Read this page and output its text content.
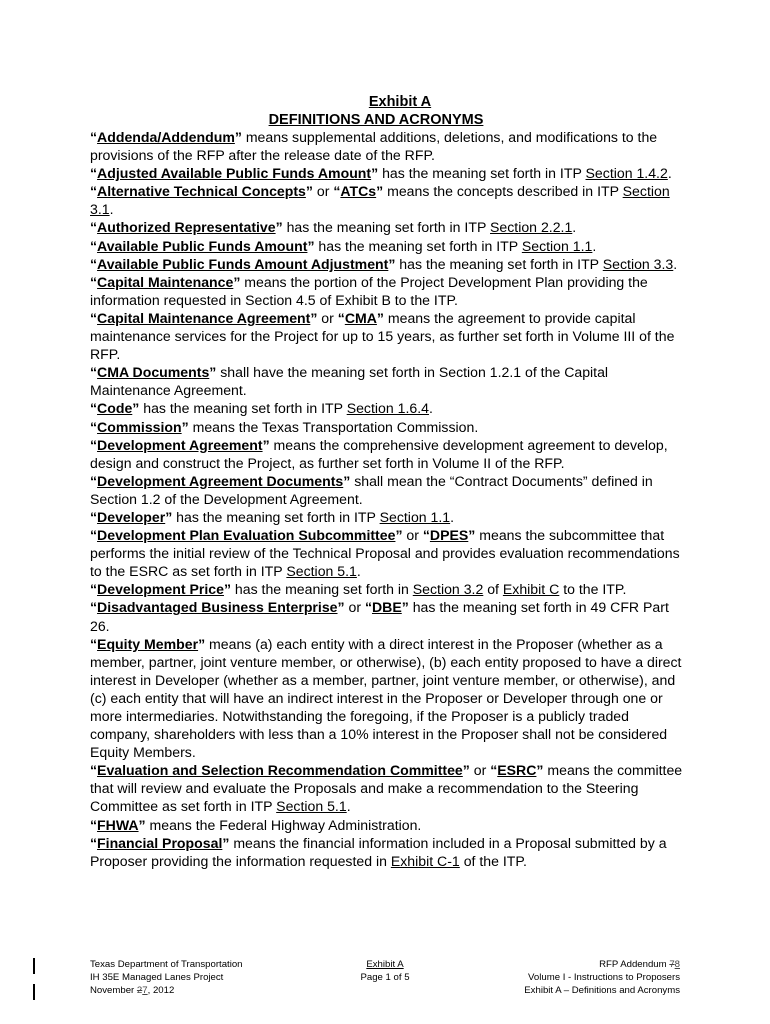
Exhibit A
DEFINITIONS AND ACRONYMS

“Addenda/Addendum” means supplemental additions, deletions, and modifications to the provisions of the RFP after the release date of the RFP.

“Adjusted Available Public Funds Amount” has the meaning set forth in ITP Section 1.4.2.

“Alternative Technical Concepts” or “ATCs” means the concepts described in ITP Section 3.1.

“Authorized Representative” has the meaning set forth in ITP Section 2.2.1.

“Available Public Funds Amount” has the meaning set forth in ITP Section 1.1.

“Available Public Funds Amount Adjustment” has the meaning set forth in ITP Section 3.3.

“Capital Maintenance” means the portion of the Project Development Plan providing the information requested in Section 4.5 of Exhibit B to the ITP.

“Capital Maintenance Agreement” or “CMA” means the agreement to provide capital maintenance services for the Project for up to 15 years, as further set forth in Volume III of the RFP.

“CMA Documents” shall have the meaning set forth in Section 1.2.1 of the Capital Maintenance Agreement.

“Code” has the meaning set forth in ITP Section 1.6.4.

“Commission” means the Texas Transportation Commission.

“Development Agreement” means the comprehensive development agreement to develop, design and construct the Project, as further set forth in Volume II of the RFP.

“Development Agreement Documents” shall mean the “Contract Documents” defined in Section 1.2 of the Development Agreement.

“Developer” has the meaning set forth in ITP Section 1.1.

“Development Plan Evaluation Subcommittee” or “DPES” means the subcommittee that performs the initial review of the Technical Proposal and provides evaluation recommendations to the ESRC as set forth in ITP Section 5.1.

“Development Price” has the meaning set forth in Section 3.2 of Exhibit C to the ITP.

“Disadvantaged Business Enterprise” or “DBE” has the meaning set forth in 49 CFR Part 26.

“Equity Member” means (a) each entity with a direct interest in the Proposer (whether as a member, partner, joint venture member, or otherwise), (b) each entity proposed to have a direct interest in Developer (whether as a member, partner, joint venture member, or otherwise), and (c) each entity that will have an indirect interest in the Proposer or Developer through one or more intermediaries. Notwithstanding the foregoing, if the Proposer is a publicly traded company, shareholders with less than a 10% interest in the Proposer shall not be considered Equity Members.

“Evaluation and Selection Recommendation Committee” or “ESRC” means the committee that will review and evaluate the Proposals and make a recommendation to the Steering Committee as set forth in ITP Section 5.1.

“FHWA” means the Federal Highway Administration.

“Financial Proposal” means the financial information included in a Proposal submitted by a Proposer providing the information requested in Exhibit C-1 of the ITP.

Texas Department of Transportation
IH 35E Managed Lanes Project
November 27, 2012
Exhibit A
Page 1 of 5
RFP Addendum 78
Volume I - Instructions to Proposers
Exhibit A – Definitions and Acronyms
